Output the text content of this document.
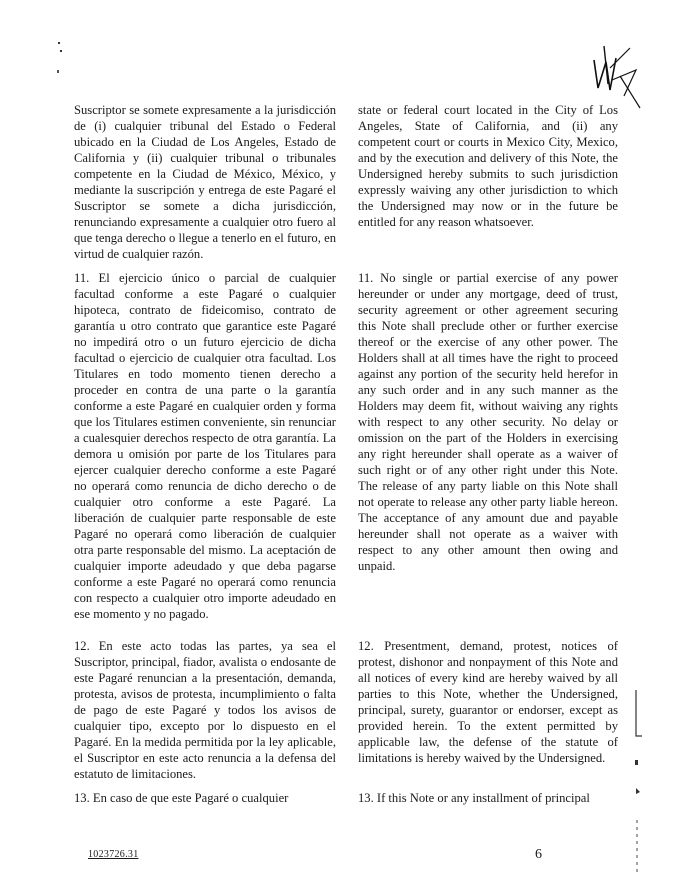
Suscriptor se somete expresamente a la jurisdicción de (i) cualquier tribunal del Estado o Federal ubicado en la Ciudad de Los Angeles, Estado de California y (ii) cualquier tribunal o tribunales competente en la Ciudad de México, México, y mediante la suscripción y entrega de este Pagaré el Suscriptor se somete a dicha jurisdicción, renunciando expresamente a cualquier otro fuero al que tenga derecho o llegue a tenerlo en el futuro, en virtud de cualquier razón.

11. El ejercicio único o parcial de cualquier facultad conforme a este Pagaré o cualquier hipoteca, contrato de fideicomiso, contrato de garantía u otro contrato que garantice este Pagaré no impedirá otro o un futuro ejercicio de dicha facultad o ejercicio de cualquier otra facultad. Los Titulares en todo momento tienen derecho a proceder en contra de una parte o la garantía conforme a este Pagaré en cualquier orden y forma que los Titulares estimen conveniente, sin renunciar a cualesquier derechos respecto de otra garantía. La demora u omisión por parte de los Titulares para ejercer cualquier derecho conforme a este Pagaré no operará como renuncia de dicho derecho o de cualquier otro conforme a este Pagaré. La liberación de cualquier parte responsable de este Pagaré no operará como liberación de cualquier otra parte responsable del mismo. La aceptación de cualquier importe adeudado y que deba pagarse conforme a este Pagaré no operará como renuncia con respecto a cualquier otro importe adeudado en ese momento y no pagado.

12. En este acto todas las partes, ya sea el Suscriptor, principal, fiador, avalista o endosante de este Pagaré renuncian a la presentación, demanda, protesta, avisos de protesta, incumplimiento o falta de pago de este Pagaré y todos los avisos de cualquier tipo, excepto por lo dispuesto en el Pagaré. En la medida permitida por la ley aplicable, el Suscriptor en este acto renuncia a la defensa del estatuto de limitaciones.

13. En caso de que este Pagaré o cualquier

state or federal court located in the City of Los Angeles, State of California, and (ii) any competent court or courts in Mexico City, Mexico, and by the execution and delivery of this Note, the Undersigned hereby submits to such jurisdiction expressly waiving any other jurisdiction to which the Undersigned may now or in the future be entitled for any reason whatsoever.

11. No single or partial exercise of any power hereunder or under any mortgage, deed of trust, security agreement or other agreement securing this Note shall preclude other or further exercise thereof or the exercise of any other power. The Holders shall at all times have the right to proceed against any portion of the security held herefor in any such order and in any such manner as the Holders may deem fit, without waiving any rights with respect to any other security. No delay or omission on the part of the Holders in exercising any right hereunder shall operate as a waiver of such right or of any other right under this Note. The release of any party liable on this Note shall not operate to release any other party liable hereon. The acceptance of any amount due and payable hereunder shall not operate as a waiver with respect to any other amount then owing and unpaid.

12. Presentment, demand, protest, notices of protest, dishonor and nonpayment of this Note and all notices of every kind are hereby waived by all parties to this Note, whether the Undersigned, principal, surety, guarantor or endorser, except as provided herein. To the extent permitted by applicable law, the defense of the statute of limitations is hereby waived by the Undersigned.

13. If this Note or any installment of principal

1023726.31	6
